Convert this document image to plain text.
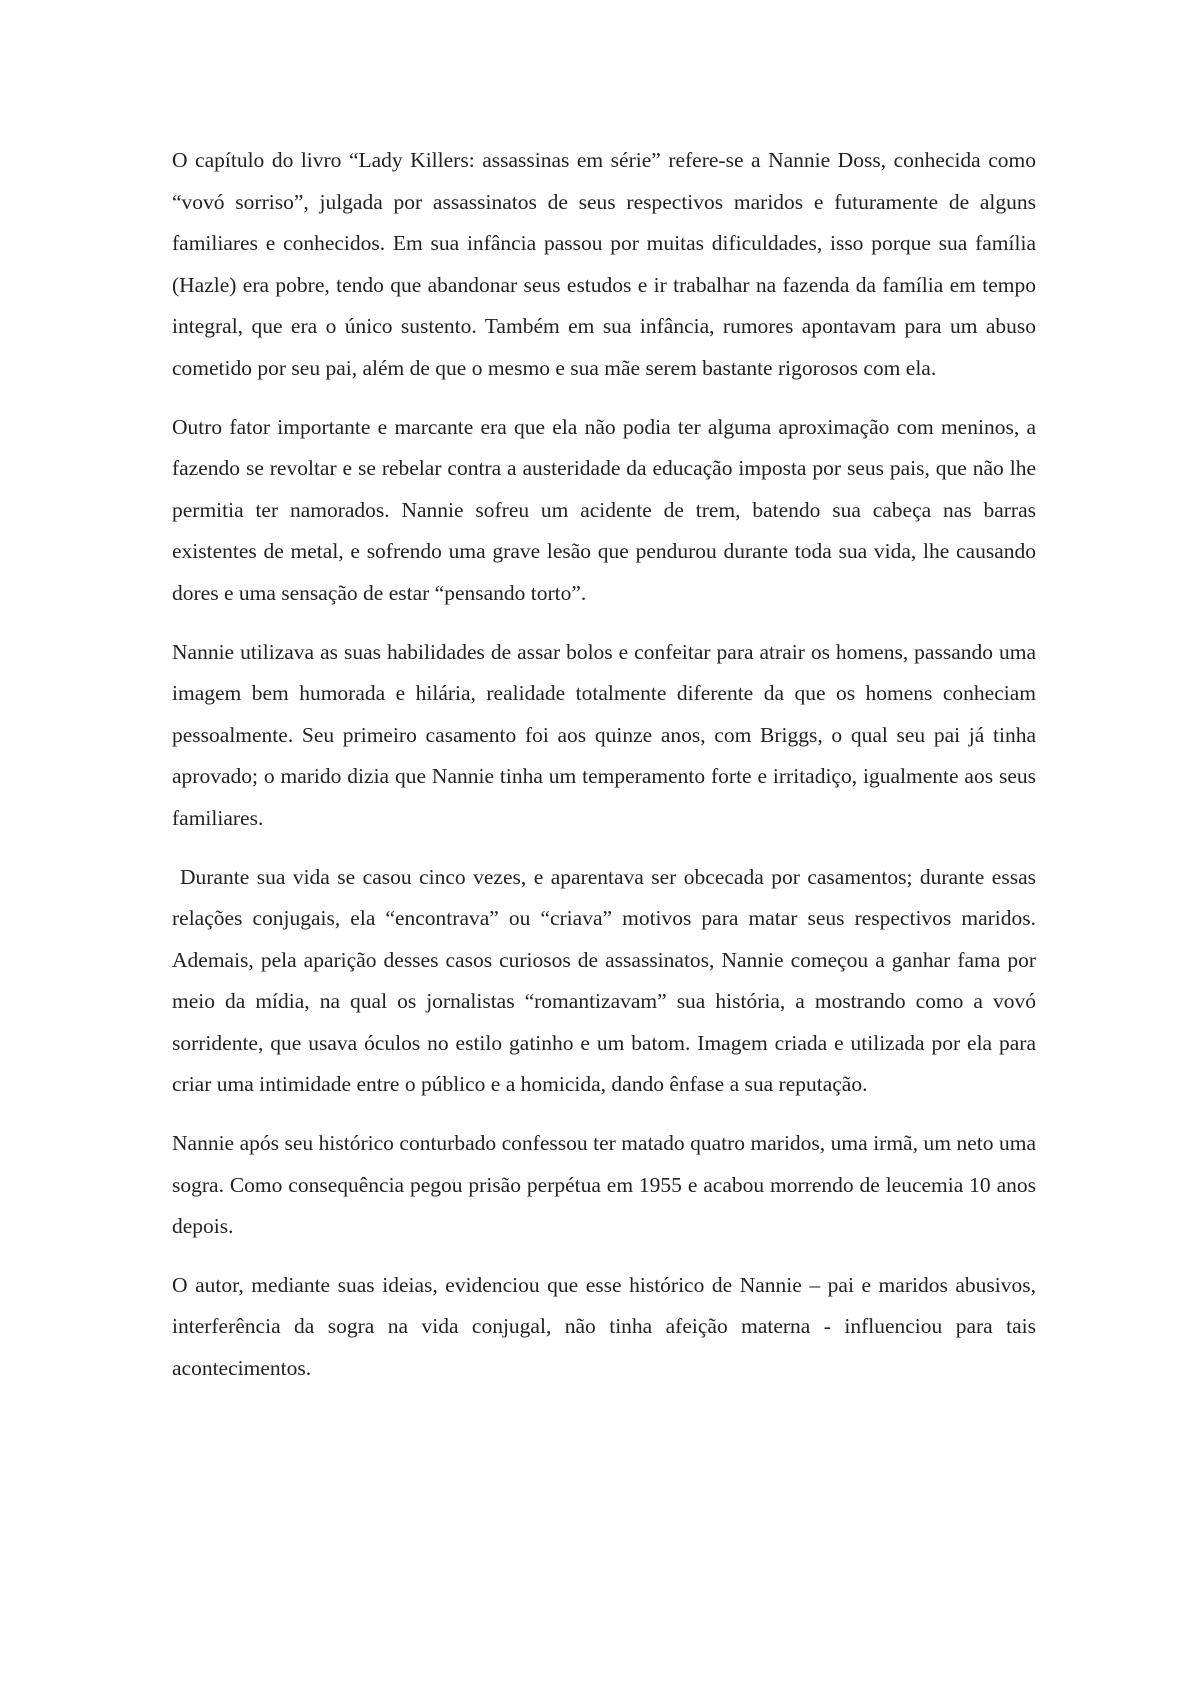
O capítulo do livro “Lady Killers: assassinas em série” refere-se a Nannie Doss, conhecida como “vovó sorriso”, julgada por assassinatos de seus respectivos maridos e futuramente de alguns familiares e conhecidos. Em sua infância passou por muitas dificuldades, isso porque sua família (Hazle) era pobre, tendo que abandonar seus estudos e ir trabalhar na fazenda da família em tempo integral, que era o único sustento. Também em sua infância, rumores apontavam para um abuso cometido por seu pai, além de que o mesmo e sua mãe serem bastante rigorosos com ela.

Outro fator importante e marcante era que ela não podia ter alguma aproximação com meninos, a fazendo se revoltar e se rebelar contra a austeridade da educação imposta por seus pais, que não lhe permitia ter namorados. Nannie sofreu um acidente de trem, batendo sua cabeça nas barras existentes de metal, e sofrendo uma grave lesão que pendurou durante toda sua vida, lhe causando dores e uma sensação de estar “pensando torto”.

Nannie utilizava as suas habilidades de assar bolos e confeitar para atrair os homens, passando uma imagem bem humorada e hilária, realidade totalmente diferente da que os homens conheciam pessoalmente. Seu primeiro casamento foi aos quinze anos, com Briggs, o qual seu pai já tinha aprovado; o marido dizia que Nannie tinha um temperamento forte e irritadiço, igualmente aos seus familiares.

Durante sua vida se casou cinco vezes, e aparentava ser obcecada por casamentos; durante essas relações conjugais, ela “encontrava” ou “criava” motivos para matar seus respectivos maridos. Ademais, pela aparição desses casos curiosos de assassinatos, Nannie começou a ganhar fama por meio da mídia, na qual os jornalistas “romantizavam” sua história, a mostrando como a vovó sorridente, que usava óculos no estilo gatinho e um batom. Imagem criada e utilizada por ela para criar uma intimidade entre o público e a homicida, dando ênfase a sua reputação.

Nannie após seu histórico conturbado confessou ter matado quatro maridos, uma irmã, um neto uma sogra. Como consequência pegou prisão perpétua em 1955 e acabou morrendo de leucemia 10 anos depois.

O autor, mediante suas ideias, evidenciou que esse histórico de Nannie – pai e maridos abusivos, interferência da sogra na vida conjugal, não tinha afeição materna - influenciou para tais acontecimentos.
